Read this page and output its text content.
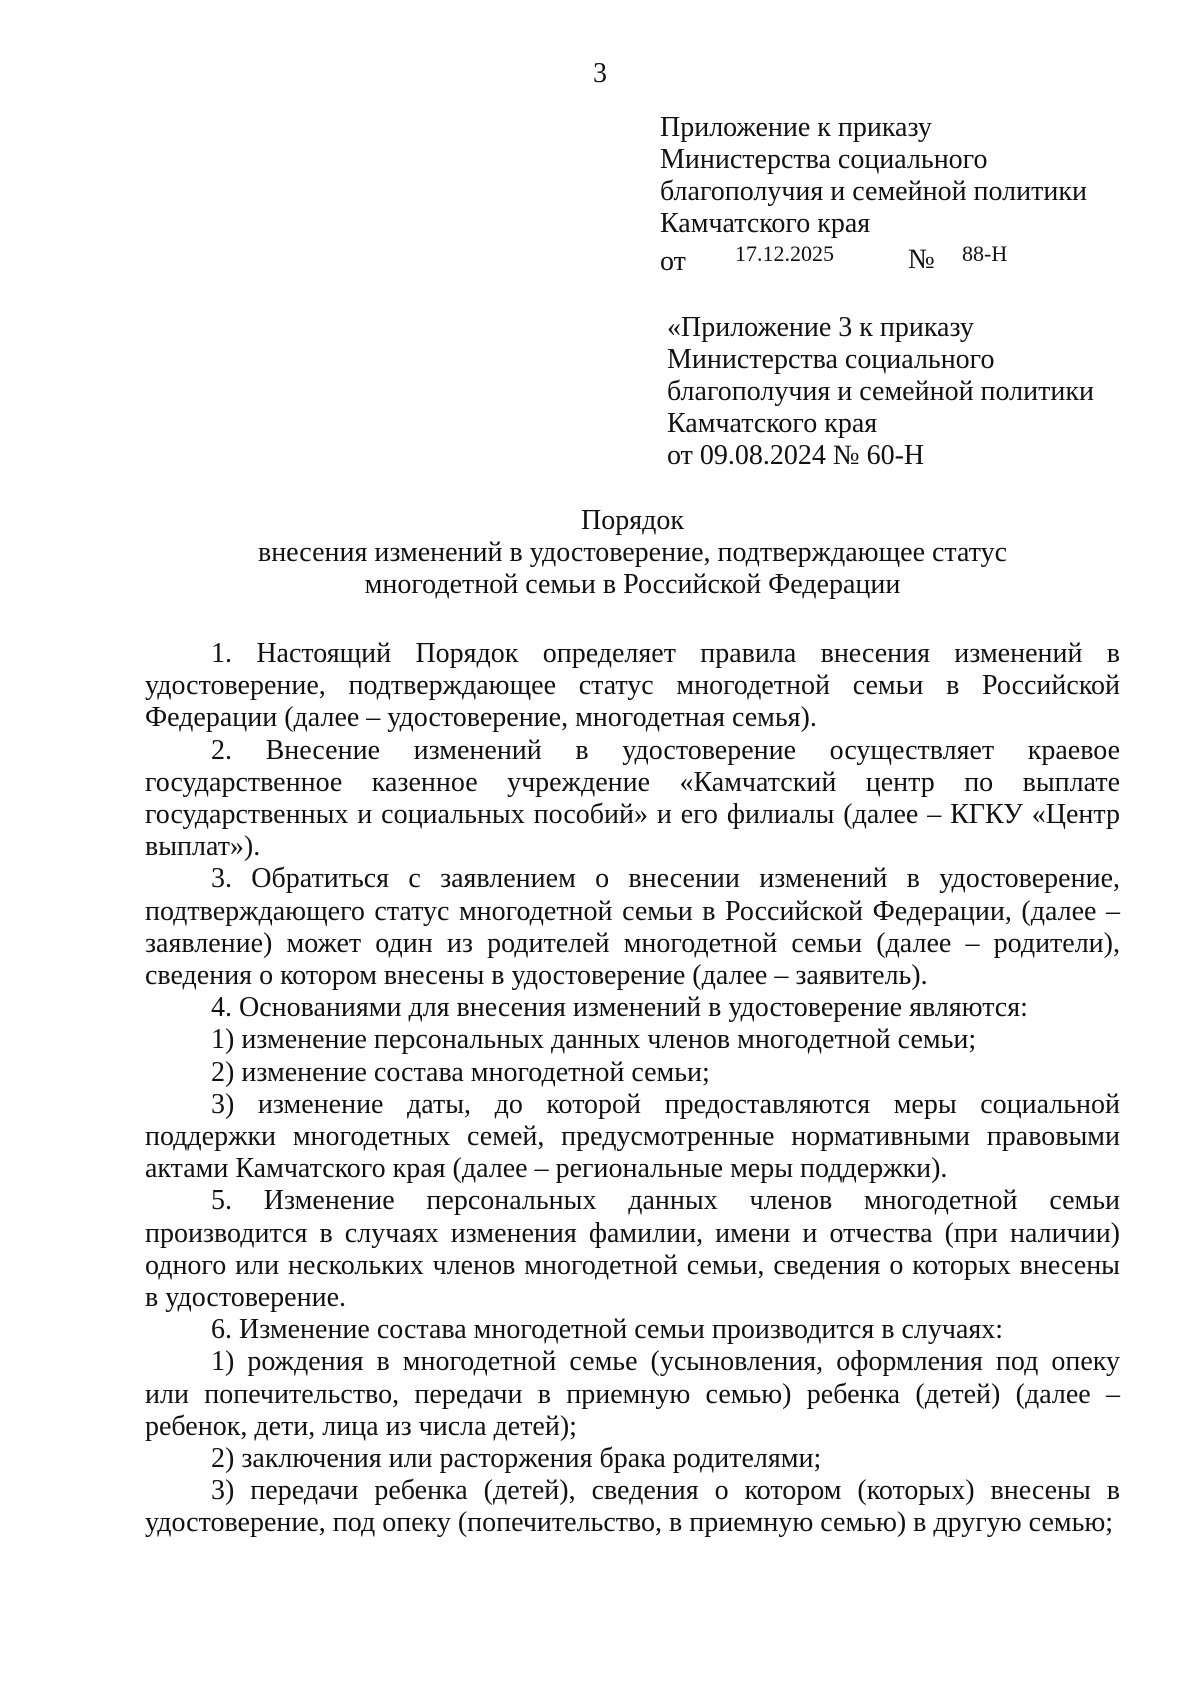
3
Приложение к приказу
Министерства социального
благополучия и семейной политики
Камчатского края
от 17.12.2025	№ 88-Н
«Приложение 3 к приказу
Министерства социального
благополучия и семейной политики
Камчатского края
от 09.08.2024 № 60-Н
Порядок
внесения изменений в удостоверение, подтверждающее статус
многодетной семьи в Российской Федерации

1. Настоящий Порядок определяет правила внесения изменений в удостоверение, подтверждающее статус многодетной семьи в Российской Федерации (далее – удостоверение, многодетная семья).

2. Внесение изменений в удостоверение осуществляет краевое государственное казенное учреждение «Камчатский центр по выплате государственных и социальных пособий» и его филиалы (далее – КГКУ «Центр выплат»).

3. Обратиться с заявлением о внесении изменений в удостоверение, подтверждающего статус многодетной семьи в Российской Федерации, (далее – заявление) может один из родителей многодетной семьи (далее – родители), сведения о котором внесены в удостоверение (далее – заявитель).

4. Основаниями для внесения изменений в удостоверение являются:

1) изменение персональных данных членов многодетной семьи;

2) изменение состава многодетной семьи;

3) изменение даты, до которой предоставляются меры социальной поддержки многодетных семей, предусмотренные нормативными правовыми актами Камчатского края (далее – региональные меры поддержки).

5. Изменение персональных данных членов многодетной семьи производится в случаях изменения фамилии, имени и отчества (при наличии) одного или нескольких членов многодетной семьи, сведения о которых внесены в удостоверение.

6. Изменение состава многодетной семьи производится в случаях:

1) рождения в многодетной семье (усыновления, оформления под опеку или попечительство, передачи в приемную семью) ребенка (детей) (далее – ребенок, дети, лица из числа детей);

2) заключения или расторжения брака родителями;

3) передачи ребенка (детей), сведения о котором (которых) внесены в удостоверение, под опеку (попечительство, в приемную семью) в другую семью;
